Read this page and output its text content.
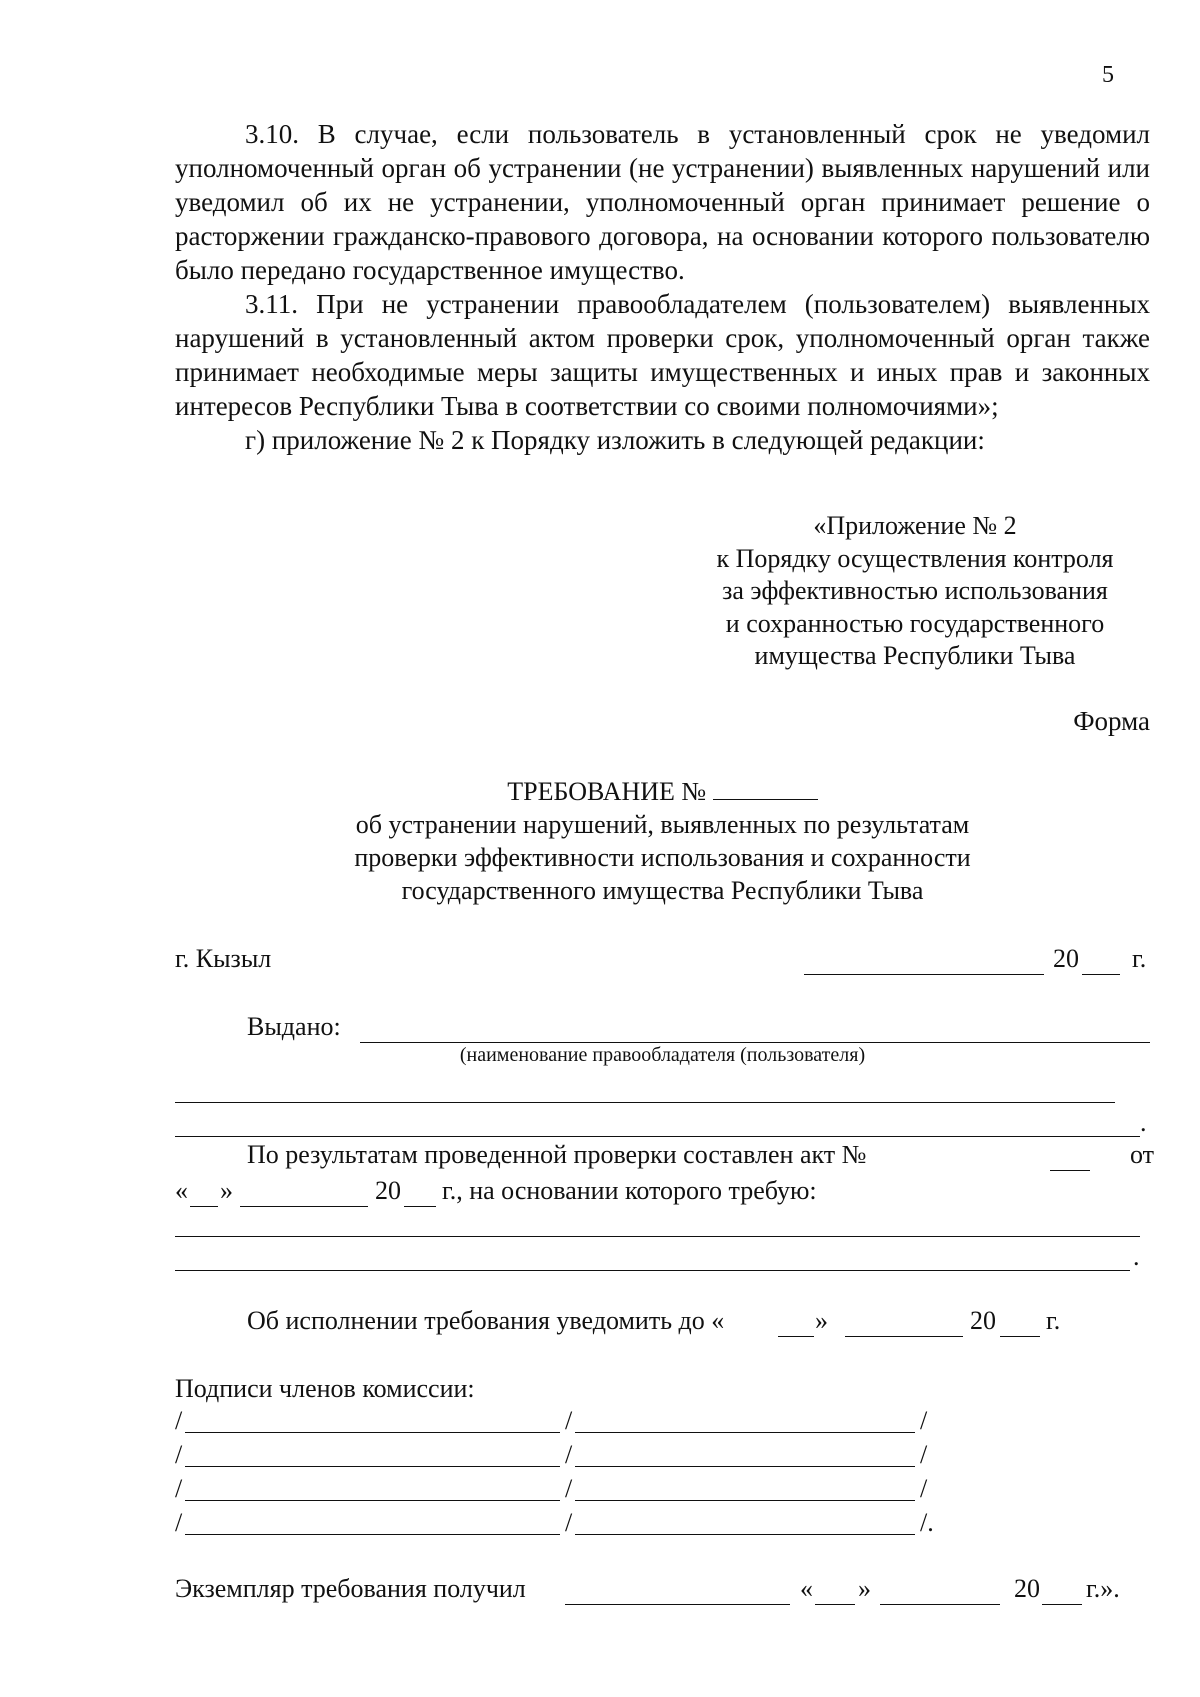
5

3.10. В случае, если пользователь в установленный срок не уведомил уполномоченный орган об устранении (не устранении) выявленных нарушений или уведомил об их не устранении, уполномоченный орган принимает решение о расторжении гражданско-правового договора, на основании которого пользователю было передано государственное имущество.

3.11. При не устранении правообладателем (пользователем) выявленных нарушений в установленный актом проверки срок, уполномоченный орган также принимает необходимые меры защиты имущественных и иных прав и законных интересов Республики Тыва в соответствии со своими полномочиями»;

г) приложение № 2 к Порядку изложить в следующей редакции:

«Приложение № 2
к Порядку осуществления контроля
за эффективностью использования
и сохранностью государственного
имущества Республики Тыва
Форма
ТРЕБОВАНИЕ №
об устранении нарушений, выявленных по результатам
проверки эффективности использования и сохранности
государственного имущества Республики Тыва
г. Кызыл	20 г.
Выдано:
(наименование правообладателя (пользователя)
.
По результатам проведенной проверки составлен акт №	от
« »	20 г., на основании которого требую:
.
Об исполнении требования уведомить до «	»	20 г.
Подписи членов комиссии:
/	/	/
/	/	/
/	/	/
/	/	/.
Экземпляр требования получил	« »	20 г.».
